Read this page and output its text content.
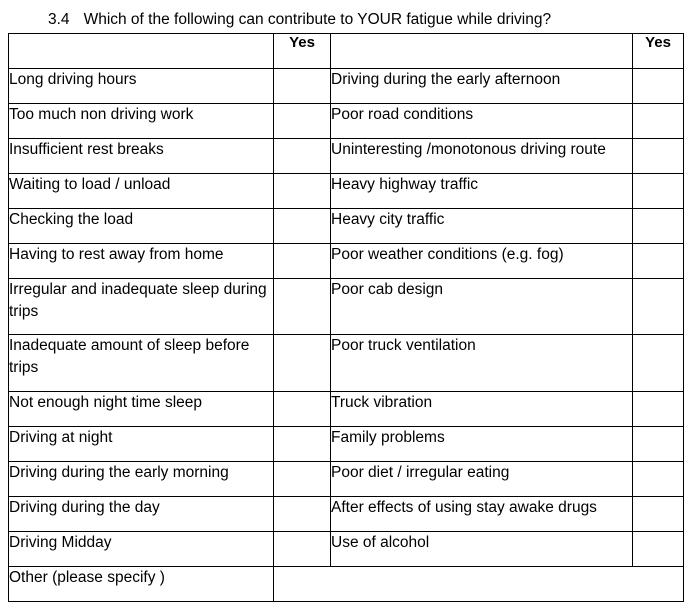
3.4 Which of the following can contribute to YOUR fatigue while driving?
	Yes		Yes
Long driving hours		Driving during the early afternoon	
Too much non driving work		Poor road conditions	
Insufficient rest breaks		Uninteresting /monotonous driving route	
Waiting to load / unload		Heavy highway traffic	
Checking the load		Heavy city traffic	
Having to rest away from home		Poor weather conditions (e.g. fog)	
Irregular and inadequate sleep during trips		Poor cab design	
Inadequate amount of sleep before trips		Poor truck ventilation	
Not enough night time sleep		Truck vibration	
Driving at night		Family problems	
Driving during the early morning		Poor diet / irregular eating	
Driving during the day		After effects of using stay awake drugs	
Driving Midday		Use of alcohol	
Other (please specify )			
